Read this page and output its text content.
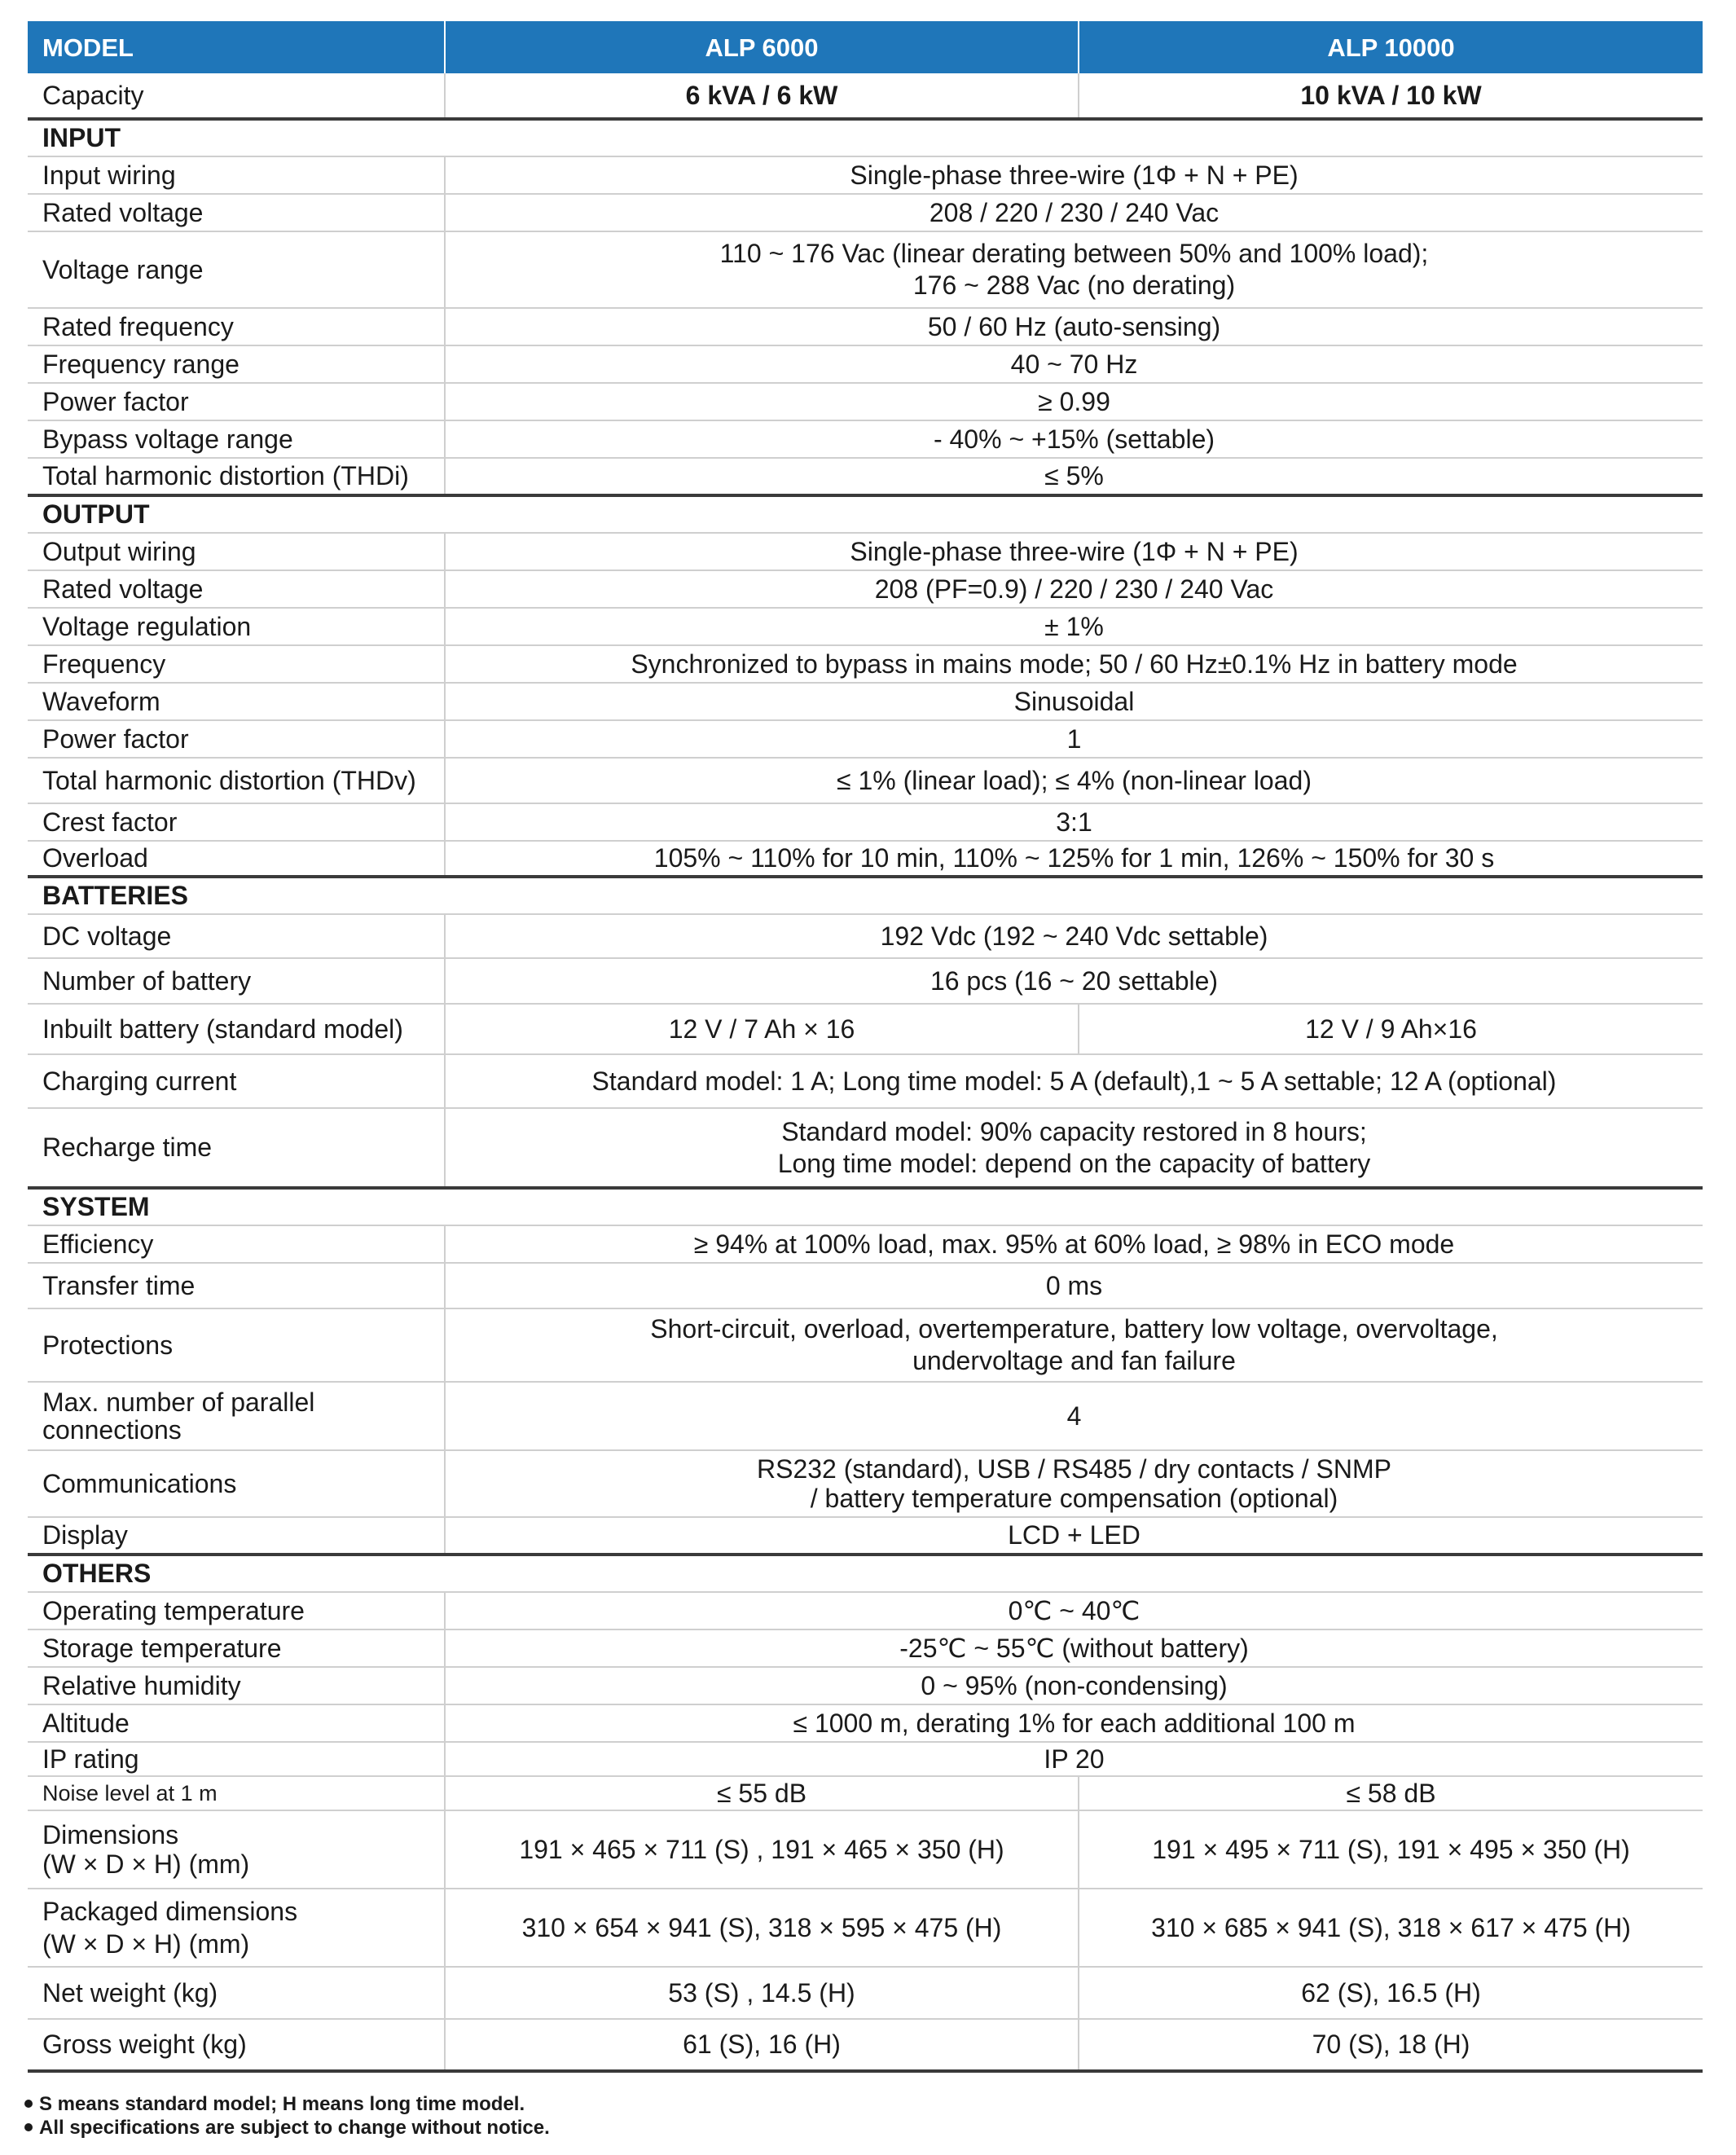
MODEL	ALP 6000	ALP 10000
Capacity	6 kVA / 6 kW	10 kVA / 10 kW
INPUT		
Input wiring	Single-phase three-wire (1Φ + N + PE)	
Rated voltage	208 / 220 / 230 / 240 Vac	
Voltage range	110 ~ 176 Vac (linear derating between 50% and 100% load);
176 ~ 288 Vac (no derating)	

Rated frequency	50 / 60 Hz (auto-sensing)	
Frequency range	40 ~ 70 Hz	
Power factor	≥ 0.99	
Bypass voltage range	- 40% ~ +15% (settable)	
Total harmonic distortion (THDi)	≤ 5%	
OUTPUT		
Output wiring	Single-phase three-wire (1Φ + N + PE)	
Rated voltage	208 (PF=0.9) / 220 / 230 / 240 Vac	
Voltage regulation	± 1%	
Frequency	Synchronized to bypass in mains mode; 50 / 60 Hz±0.1% Hz in battery mode	
Waveform	Sinusoidal	
Power factor	1	
Total harmonic distortion (THDv)	≤ 1% (linear load); ≤ 4% (non-linear load)	
Crest factor	3:1	
Overload	105% ~ 110% for 10 min, 110% ~ 125% for 1 min, 126% ~ 150% for 30 s	
BATTERIES		
DC voltage	192 Vdc (192 ~ 240 Vdc settable)	
Number of battery	16 pcs (16 ~ 20 settable)	
Inbuilt battery (standard model)	12 V / 7 Ah × 16	12 V / 9 Ah×16
Charging current	Standard model: 1 A; Long time model: 5 A (default),1 ~ 5 A settable; 12 A (optional)	
Recharge time	Standard model: 90% capacity restored in 8 hours;
Long time model: depend on the capacity of battery	

SYSTEM		
Efficiency	≥ 94% at 100% load, max. 95% at 60% load, ≥ 98% in ECO mode	
Transfer time	0 ms	
Protections	Short-circuit, overload, overtemperature, battery low voltage, overvoltage,
undervoltage and fan failure	

Max. number of parallel
connections	4	
Communications	RS232 (standard), USB / RS485 / dry contacts / SNMP
/ battery temperature compensation (optional)	

Display	LCD + LED	
OTHERS		
Operating temperature	0℃ ~ 40℃	
Storage temperature	-25℃ ~ 55℃ (without battery)	
Relative humidity	0 ~ 95% (non-condensing)	
Altitude	≤ 1000 m, derating 1% for each additional 100 m	
IP rating	IP 20	
Noise level at 1 m	≤ 55 dB	≤ 58 dB

Dimensions
(W × D × H) (mm)	191 × 465 × 711 (S) , 191 × 465 × 350 (H)	191 × 495 × 711 (S), 191 × 495 × 350 (H)

Packaged dimensions
(W × D × H) (mm)	310 × 654 × 941 (S), 318 × 595 × 475 (H)	310 × 685 × 941 (S), 318 × 617 × 475 (H)
Net weight (kg)	53 (S) , 14.5 (H)	62 (S), 16.5 (H)
Gross weight (kg)	61 (S), 16 (H)	70 (S), 18 (H)
S means standard model; H means long time model.
All specifications are subject to change without notice.
